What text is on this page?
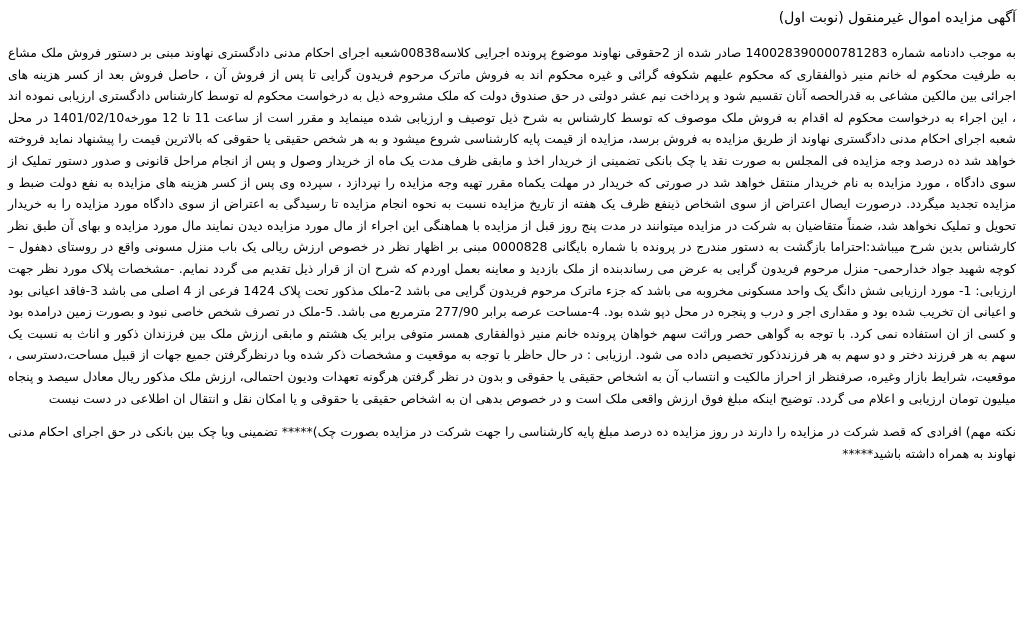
آگهی مزایده اموال غیرمنقول (نوبت اول)

به موجب دادنامه شماره 140028390000781283 صادر شده از 2حقوقی نهاوند موضوع پرونده اجرایی کلاسه00838شعبه اجرای احکام مدنی دادگستری نهاوند مبنی بر دستور فروش ملک مشاع به طرفیت محکوم له خانم منیر ذوالفقاری که محکوم علیهم شکوفه گرائی و غیره محکوم اند به فروش ماترک مرحوم فریدون گرایی تا پس از فروش آن ، حاصل فروش بعد از کسر هزینه های اجرائی بین مالکین مشاعی به قدرالحصه آنان تقسیم شود و پرداخت نیم عشر دولتی در حق صندوق دولت که ملک مشروحه ذیل به درخواست محکوم له توسط کارشناس دادگستری ارزیابی نموده اند ، این اجراء به درخواست محکوم له اقدام به فروش ملک موصوف که توسط کارشناس به شرح ذیل توصیف و ارزیابی شده مینماید و مقرر است از ساعت 11 تا 12 مورخه1401/02/10 در محل شعبه اجرای احکام مدنی دادگستری نهاوند از طریق مزایده به فروش برسد، مزایده از قیمت پایه کارشناسی شروع میشود و به هر شخص حقیقی یا حقوقی که بالاترین قیمت را پیشنهاد نماید فروخته خواهد شد ده درصد وجه مزایده فی المجلس به صورت نقد یا چک بانکی تضمینی از خریدار اخذ و مابقی ظرف مدت یک ماه از خریدار وصول و پس از انجام مراحل قانونی و صدور دستور تملیک از سوی دادگاه ، مورد مزایده به نام خریدار منتقل خواهد شد در صورتی که خریدار در مهلت یکماه مقرر تهیه وجه مزایده را نپردازد ، سپرده وی پس از کسر هزینه های مزایده به نفع دولت ضبط و مزایده تجدید میگردد. درصورت ایصال اعتراض از سوی اشخاص ذینفع ظرف یک هفته از تاریخ مزایده نسبت به نحوه انجام مزایده تا رسیدگی به اعتراض از سوی دادگاه مورد مزایده را به خریدار تحویل و تملیک نخواهد شد، ضمناً متقاضیان به شرکت در مزایده میتوانند در مدت پنج روز قبل از مزایده با هماهنگی این اجراء از مال مورد مزایده دیدن نمایند مال مورد مزایده و بهای آن طبق نظر کارشناس بدین شرح میباشد:احتراما بازگشت به دستور مندرج در پرونده با شماره بایگانی 0000828 مبنی بر اظهار نظر در خصوص ارزش ریالی یک باب منزل مسونی واقع در روستای دهفول – کوچه شهید جواد خدارحمی- منزل مرحوم فریدون گرایی به عرض می رساندبنده از ملک بازدید و معاینه بعمل اوردم که شرح ان از قرار ذیل تقدیم می گردد نمایم. -مشخصات پلاک مورد نظر جهت ارزیابی: 1- مورد ارزیابی شش دانگ یک واحد مسکونی مخروبه می باشد که جزء ماترک مرحوم فریدون گرایی می باشد 2-ملک مذکور تحت پلاک 1424 فرعی از 4 اصلی می باشد 3-فاقد اعیانی بود و اعیانی ان تخریب شده بود و مقداری اجر و درب و پنجره در محل دپو شده بود. 4-مساحت عرصه برابر 277/90 مترمربع می باشد. 5-ملک در تصرف شخص خاصی نبود و بصورت زمین درامده بود و کسی از ان استفاده نمی کرد. با توجه به گواهی حصر وراثت سهم خواهان پرونده خانم منیر ذوالفقاری همسر متوفی برابر یک هشتم و مابقی ارزش ملک بین فرزندان ذکور و اناث به نسبت یک سهم به هر فرزند دختر و دو سهم به هر فرزندذکور تخصیص داده می شود. ارزیابی : در حال حاظر با توجه به موقعیت و مشخصات ذکر شده وبا درنظرگرفتن جمیع جهات از قبیل مساحت،دسترسی ، موقعیت، شرایط بازار وغیره، صرفنظر از احراز مالکیت و انتساب آن به اشخاص حقیقی یا حقوقی و بدون در نظر گرفتن هرگونه تعهدات ودیون احتمالی، ارزش ملک مذکور ریال معادل سیصد و پنجاه میلیون تومان ارزیابی و اعلام می گردد. توضیح اینکه مبلغ فوق ارزش واقعی ملک است و در خصوص بدهی ان به اشخاص حقیقی یا حقوقی و یا امکان نقل و انتقال ان اطلاعی در دست نیست

نکته مهم) افرادی که قصد شرکت در مزایده را دارند در روز مزایده ده درصد مبلغ پایه کارشناسی را جهت شرکت در مزایده بصورت چک)***** تضمینی ویا چک بین بانکی در حق اجرای احکام مدنی نهاوند به همراه داشته باشید*****
